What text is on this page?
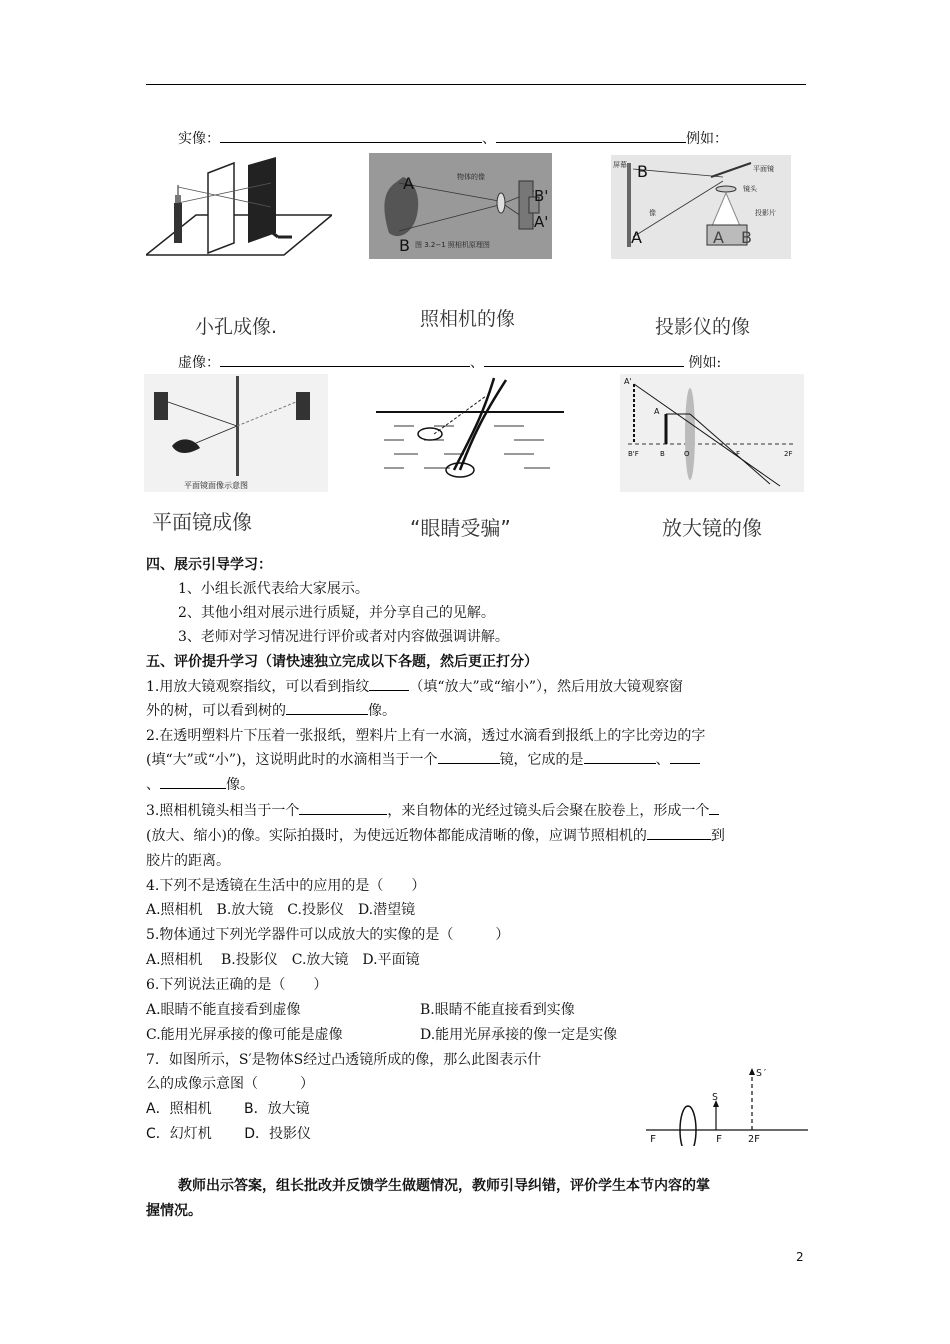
实像：	、	例如：
A
B
B'
A'
物体的像
图 3.2−1 照相机原理图
B
A
屏幕	平面镜
镜头
投影片
像
A B
小孔成像.	照相机的像	投影仪的像
虚像：	、	例如:
平面镜面像示意图
A'
A
B'F	B	O	F	2F
平面镜成像	“眼睛受骗”	放大镜的像
四、展示引导学习：
1、小组长派代表给大家展示。
2、其他小组对展示进行质疑，并分享自己的见解。
3、老师对学习情况进行评价或者对内容做强调讲解。
五、评价提升学习（请快速独立完成以下各题，然后更正打分）
1.用放大镜观察指纹，可以看到指纹	（填“放大”或“缩小”），然后用放大镜观察窗
外的树，可以看到树的	像。
2.在透明塑料片下压着一张报纸，塑料片上有一水滴，透过水滴看到报纸上的字比旁边的字
(填“大”或“小”)，这说明此时的水滴相当于一个	镜，它成的是	、
、	像。
3.照相机镜头相当于一个	，来自物体的光经过镜头后会聚在胶卷上，形成一个
(放大、缩小)的像。实际拍摄时，为使远近物体都能成清晰的像，应调节照相机的	到
胶片的距离。
4.下列不是透镜在生活中的应用的是（　　）
A.照相机　B.放大镜　C.投影仪　D.潜望镜
5.物体通过下列光学器件可以成放大的实像的是（　　　）
A.照相机　 B.投影仪　C.放大镜　D.平面镜
6.下列说法正确的是（　　）
A.眼睛不能直接看到虚像	B.眼睛不能直接看到实像
C.能用光屏承接的像可能是虚像	D.能用光屏承接的像一定是实像
7．如图所示，S′是物体S经过凸透镜所成的像，那么此图表示什
么的成像示意图（　　　）
A．照相机　　 B．放大镜
C．幻灯机　　 D．投影仪
S′
S
F	F	2F
教师出示答案，组长批改并反馈学生做题情况，教师引导纠错，评价学生本节内容的掌
握情况。
2
